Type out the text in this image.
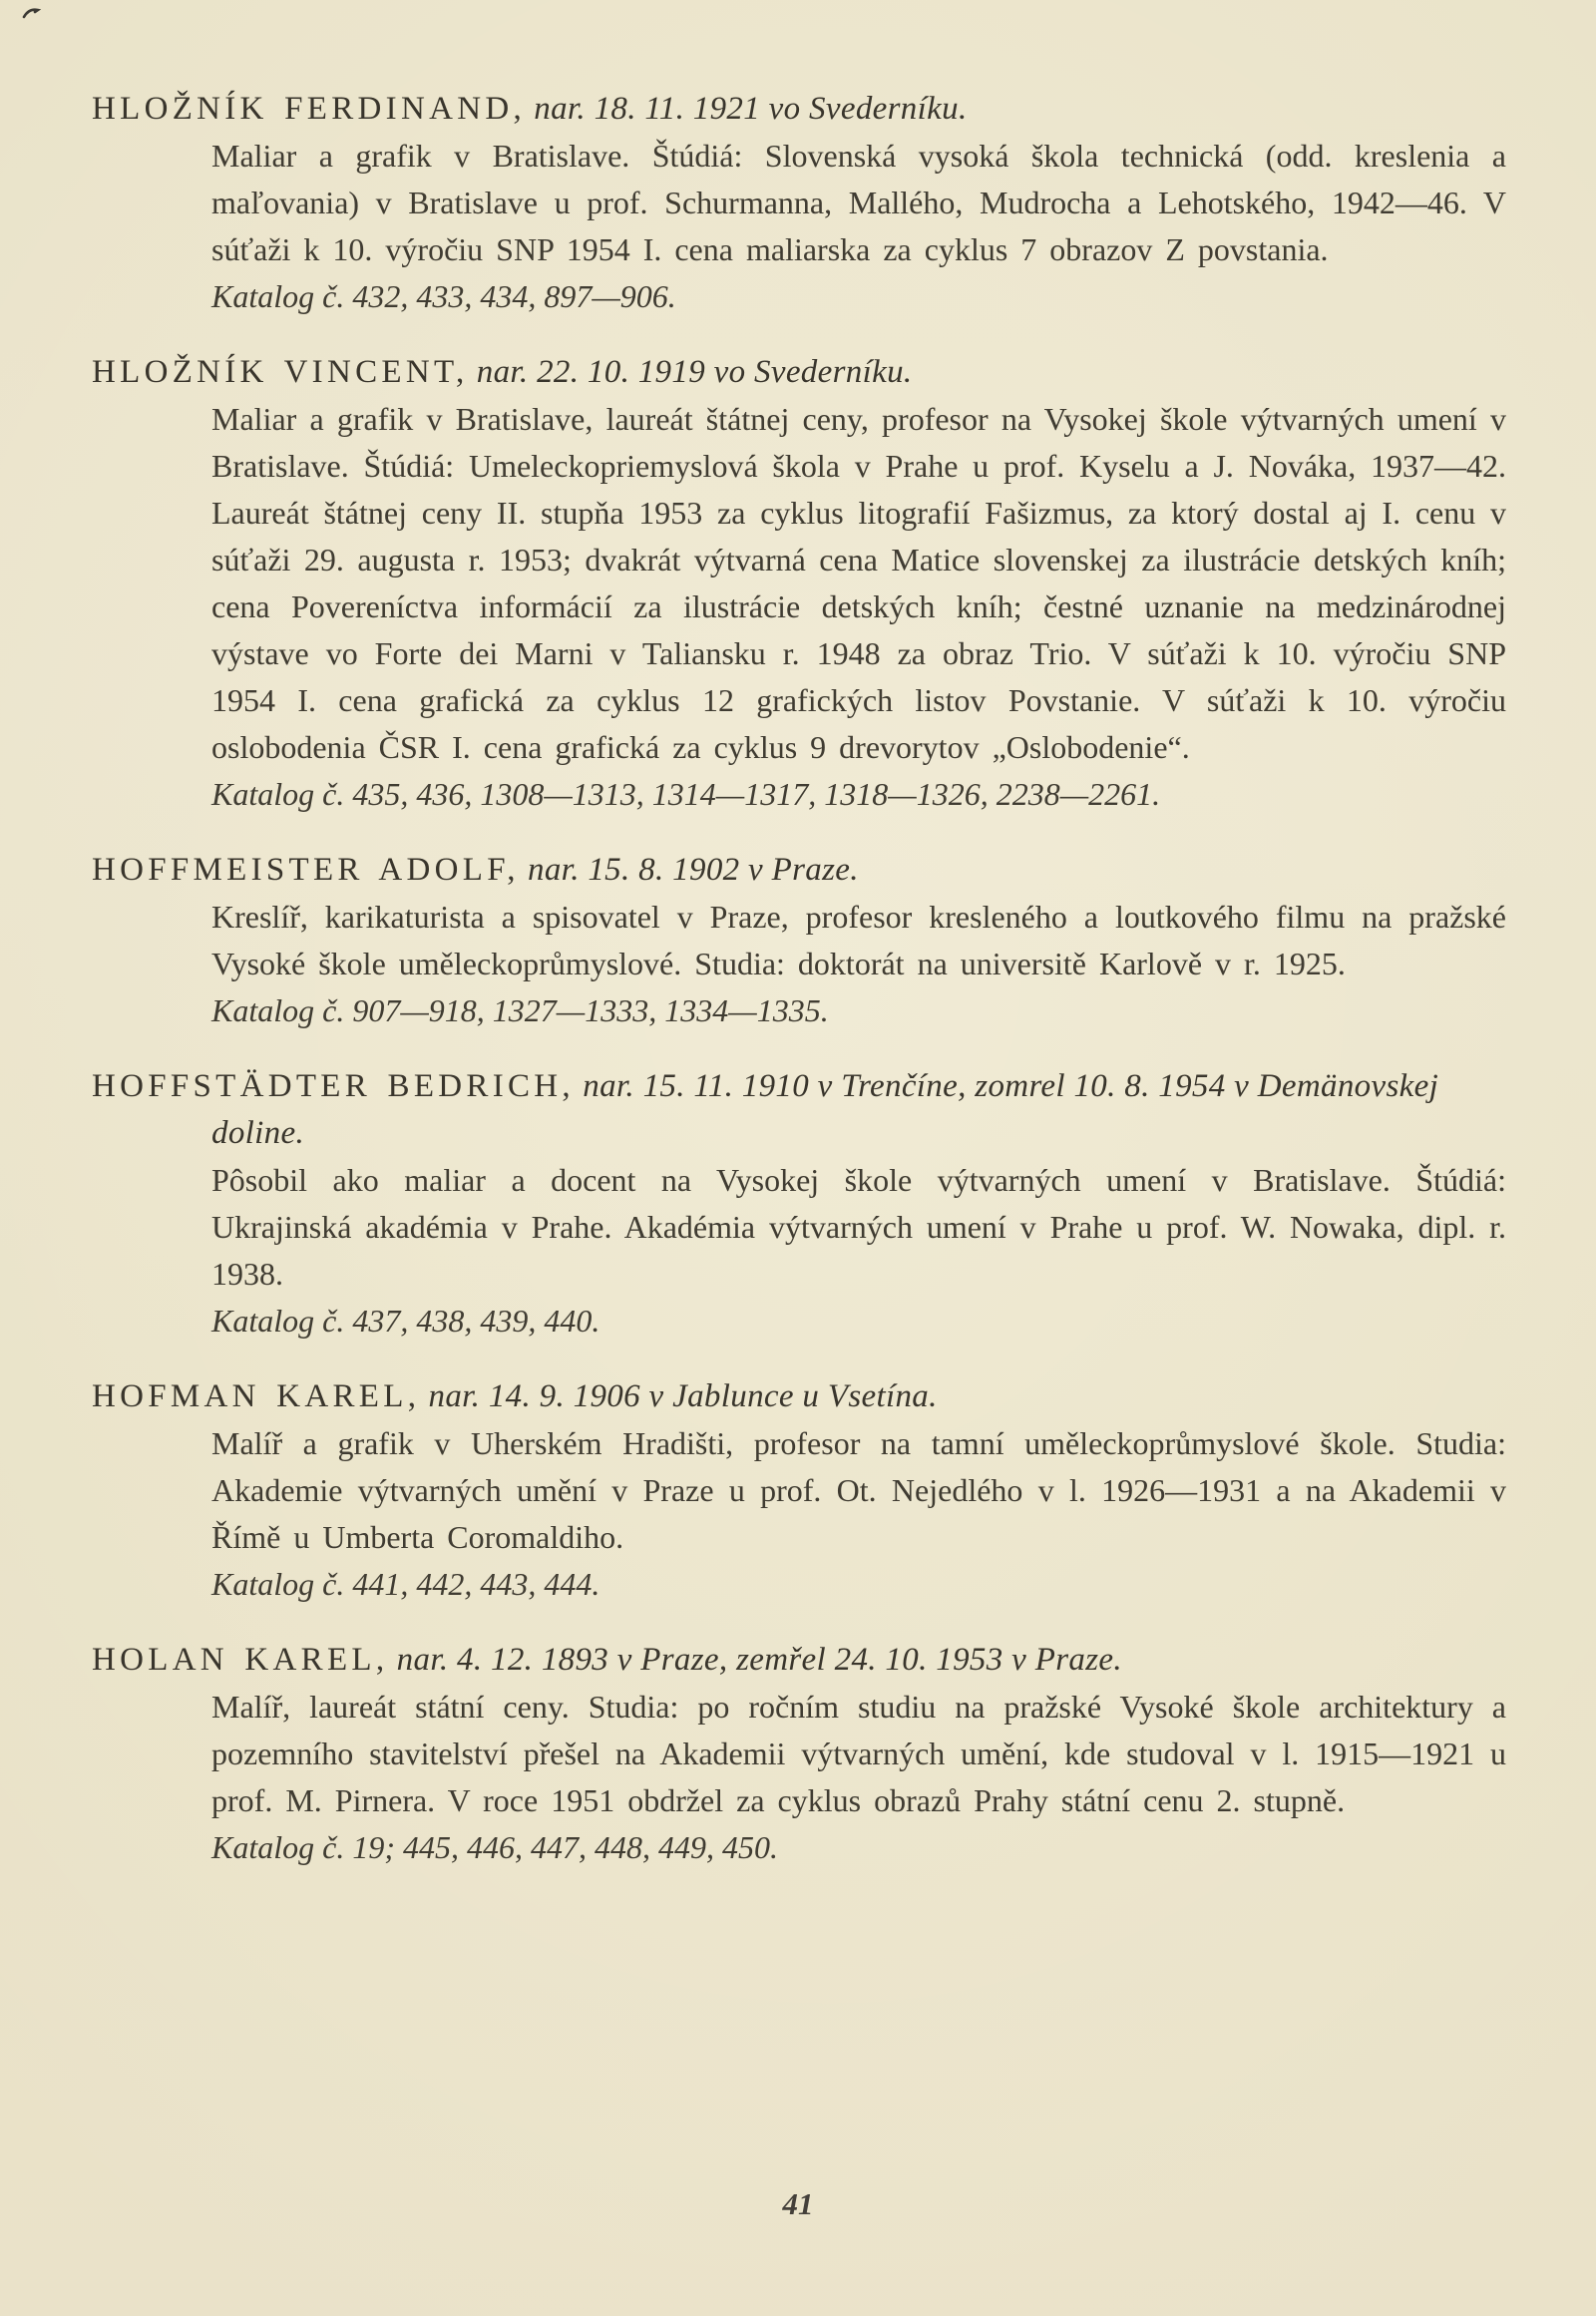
HLOŽNÍK FERDINAND, nar. 18. 11. 1921 vo Svederníku.

Maliar a grafik v Bratislave. Štúdiá: Slovenská vysoká škola technická (odd. kreslenia a maľovania) v Bratislave u prof. Schurmanna, Mallého, Mudrocha a Lehotského, 1942—46. V súťaži k 10. výročiu SNP 1954 I. cena maliarska za cyklus 7 obrazov Z povstania.

Katalog č. 432, 433, 434, 897—906.

HLOŽNÍK VINCENT, nar. 22. 10. 1919 vo Svederníku.

Maliar a grafik v Bratislave, laureát štátnej ceny, profesor na Vysokej škole výtvarných umení v Bratislave. Štúdiá: Umeleckopriemyslová škola v Prahe u prof. Kyselu a J. Nováka, 1937—42. Laureát štátnej ceny II. stupňa 1953 za cyklus litografií Fašizmus, za ktorý dostal aj I. cenu v súťaži 29. augusta r. 1953; dvakrát výtvarná cena Matice slovenskej za ilustrácie detských kníh; cena Povereníctva informácií za ilustrácie detských kníh; čestné uznanie na medzinárodnej výstave vo Forte dei Marni v Taliansku r. 1948 za obraz Trio. V súťaži k 10. výročiu SNP 1954 I. cena grafická za cyklus 12 grafických listov Povstanie. V súťaži k 10. výročiu oslobodenia ČSR I. cena grafická za cyklus 9 drevorytov „Oslobodenie“.

Katalog č. 435, 436, 1308—1313, 1314—1317, 1318—1326, 2238—2261.

HOFFMEISTER ADOLF, nar. 15. 8. 1902 v Praze.

Kreslíř, karikaturista a spisovatel v Praze, profesor kresleného a loutkového filmu na pražské Vysoké škole uměleckoprůmyslové. Studia: doktorát na universitě Karlově v r. 1925.

Katalog č. 907—918, 1327—1333, 1334—1335.

HOFFSTÄDTER BEDRICH, nar. 15. 11. 1910 v Trenčíne, zomrel 10. 8. 1954 v Demänovskej doline.

Pôsobil ako maliar a docent na Vysokej škole výtvarných umení v Bratislave. Štúdiá: Ukrajinská akadémia v Prahe. Akadémia výtvarných umení v Prahe u prof. W. Nowaka, dipl. r. 1938.

Katalog č. 437, 438, 439, 440.

HOFMAN KAREL, nar. 14. 9. 1906 v Jablunce u Vsetína.

Malíř a grafik v Uherském Hradišti, profesor na tamní uměleckoprůmyslové škole. Studia: Akademie výtvarných umění v Praze u prof. Ot. Nejedlého v l. 1926—1931 a na Akademii v Římě u Umberta Coromaldiho.

Katalog č. 441, 442, 443, 444.

HOLAN KAREL, nar. 4. 12. 1893 v Praze, zemřel 24. 10. 1953 v Praze.

Malíř, laureát státní ceny. Studia: po ročním studiu na pražské Vysoké škole architektury a pozemního stavitelství přešel na Akademii výtvarných umění, kde studoval v l. 1915—1921 u prof. M. Pirnera. V roce 1951 obdržel za cyklus obrazů Prahy státní cenu 2. stupně.

Katalog č. 19; 445, 446, 447, 448, 449, 450.

41
